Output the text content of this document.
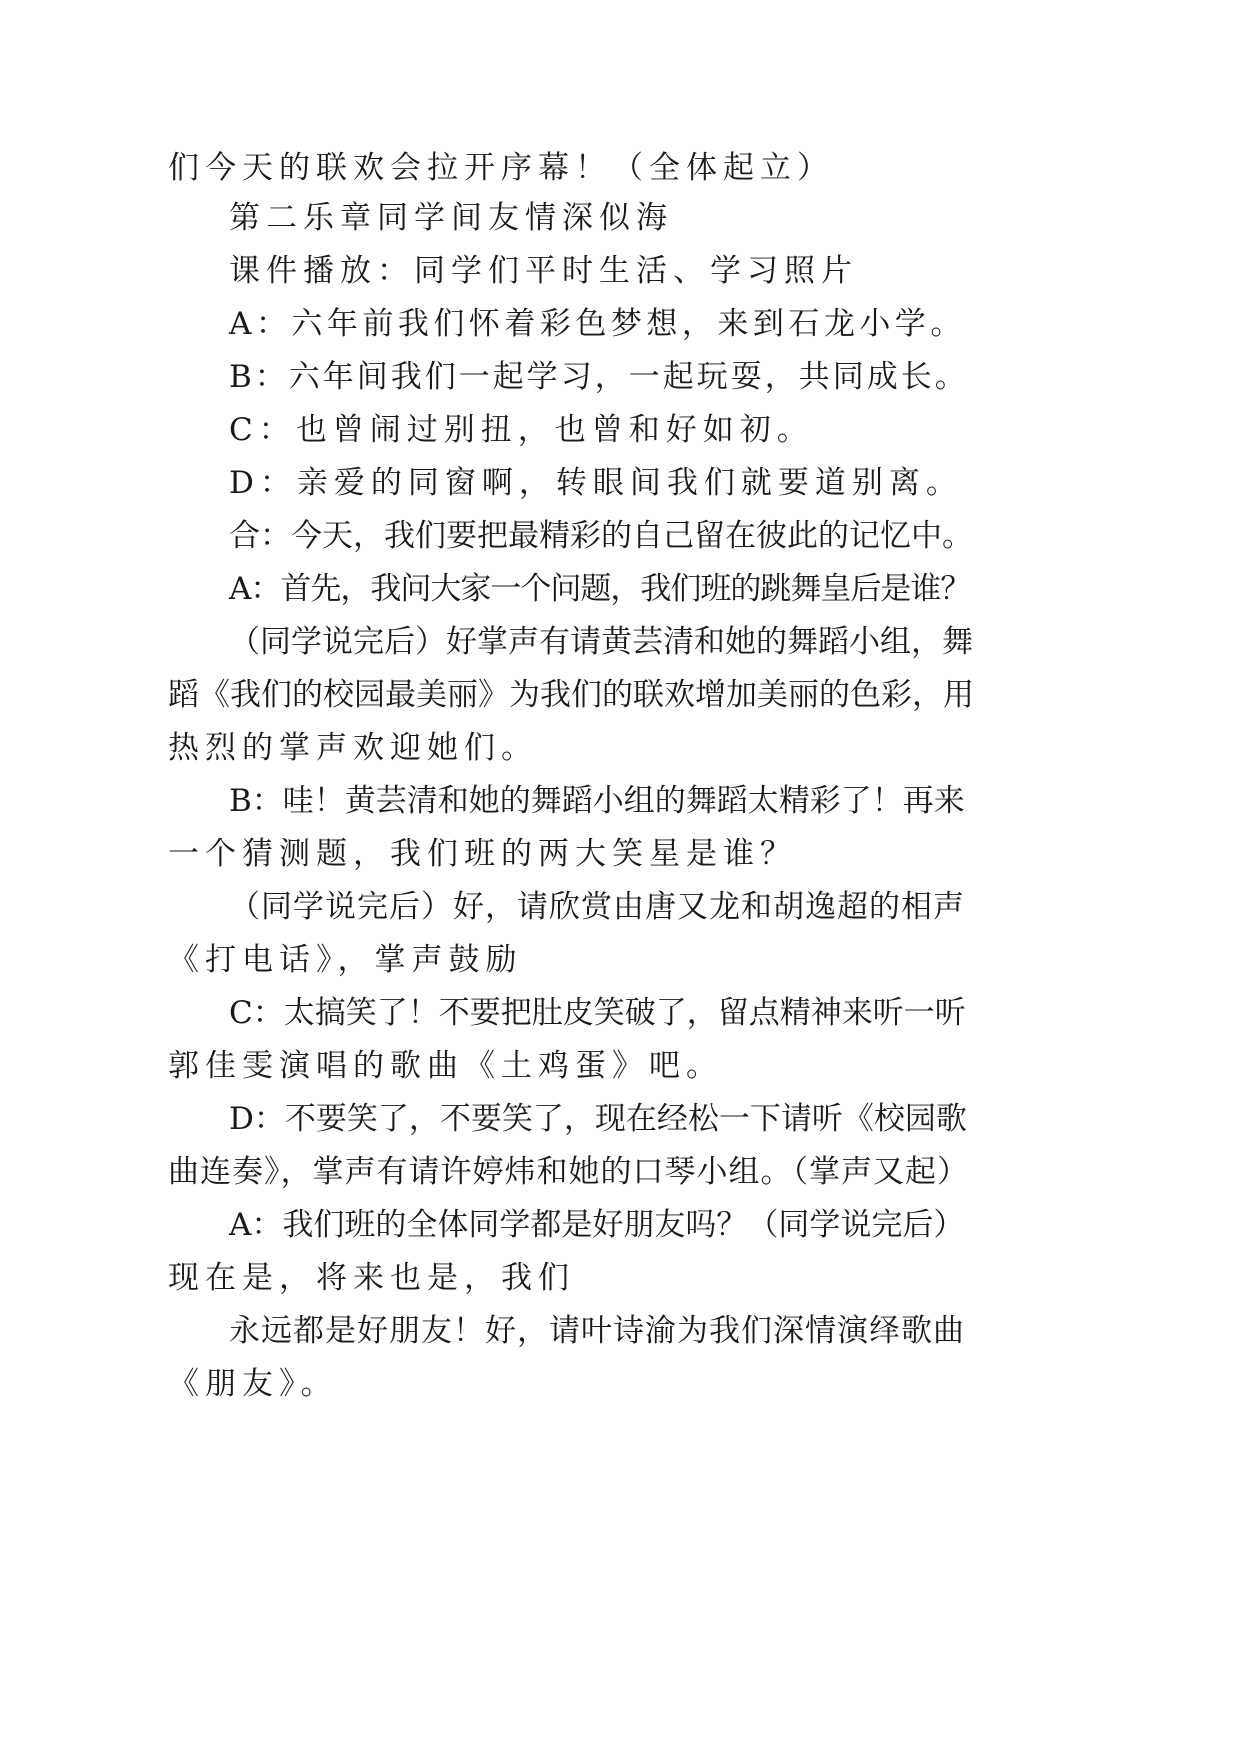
们今天的联欢会拉开序幕！（全体起立）
第二乐章同学间友情深似海
课件播放：同学们平时生活、学习照片
A：六年前我们怀着彩色梦想，来到石龙小学。
B：六年间我们一起学习，一起玩耍，共同成长。
C：也曾闹过别扭，也曾和好如初。
D：亲爱的同窗啊，转眼间我们就要道别离。
合：今天，我们要把最精彩的自己留在彼此的记忆中。
A：首先，我问大家一个问题，我们班的跳舞皇后是谁？
（同学说完后）好掌声有请黄芸清和她的舞蹈小组，舞
蹈《我们的校园最美丽》为我们的联欢增加美丽的色彩，用
热烈的掌声欢迎她们。
B：哇！黄芸清和她的舞蹈小组的舞蹈太精彩了！再来
一个猜测题，我们班的两大笑星是谁？
（同学说完后）好，请欣赏由唐又龙和胡逸超的相声
《打电话》，掌声鼓励
C：太搞笑了！不要把肚皮笑破了，留点精神来听一听
郭佳雯演唱的歌曲《土鸡蛋》吧。
D：不要笑了，不要笑了，现在经松一下请听《校园歌
曲连奏》，掌声有请许婷炜和她的口琴小组。（掌声又起）
A：我们班的全体同学都是好朋友吗？（同学说完后）
现在是，将来也是，我们
永远都是好朋友！好，请叶诗渝为我们深情演绎歌曲
《朋友》。
